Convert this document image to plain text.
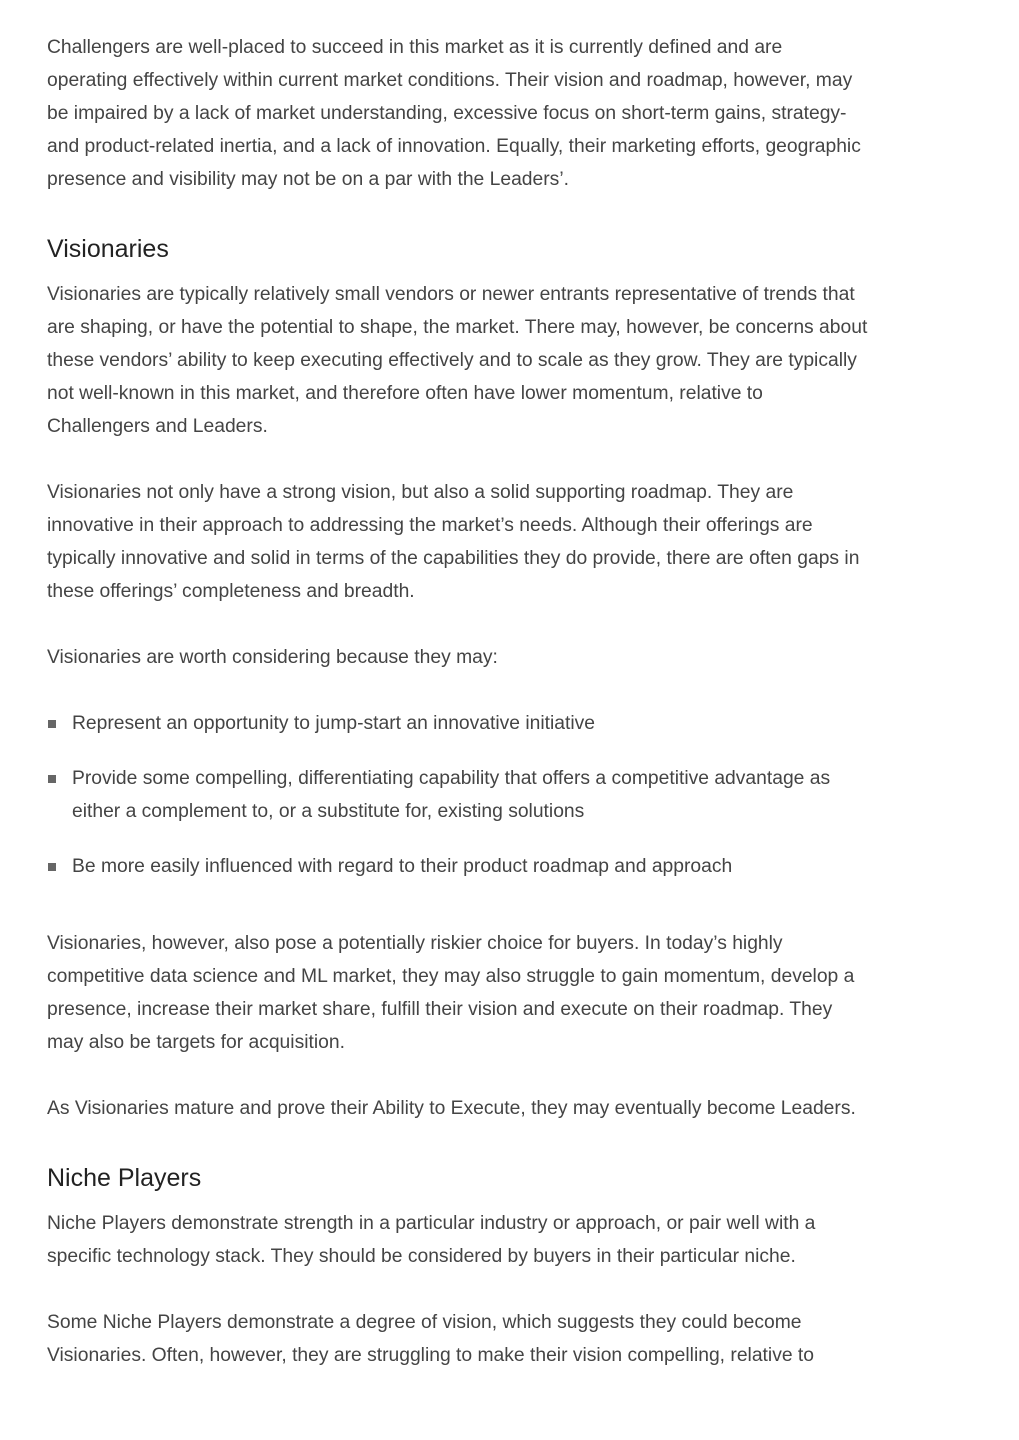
Challengers are well-placed to succeed in this market as it is currently defined and are
operating effectively within current market conditions. Their vision and roadmap, however, may
be impaired by a lack of market understanding, excessive focus on short-term gains, strategy-
and product-related inertia, and a lack of innovation. Equally, their marketing efforts, geographic
presence and visibility may not be on a par with the Leaders’.

Visionaries

Visionaries are typically relatively small vendors or newer entrants representative of trends that
are shaping, or have the potential to shape, the market. There may, however, be concerns about
these vendors’ ability to keep executing effectively and to scale as they grow. They are typically
not well-known in this market, and therefore often have lower momentum, relative to
Challengers and Leaders.

Visionaries not only have a strong vision, but also a solid supporting roadmap. They are
innovative in their approach to addressing the market’s needs. Although their offerings are
typically innovative and solid in terms of the capabilities they do provide, there are often gaps in
these offerings’ completeness and breadth.

Visionaries are worth considering because they may:

Represent an opportunity to jump-start an innovative initiative
Provide some compelling, differentiating capability that offers a competitive advantage as
either a complement to, or a substitute for, existing solutions
Be more easily influenced with regard to their product roadmap and approach

Visionaries, however, also pose a potentially riskier choice for buyers. In today’s highly
competitive data science and ML market, they may also struggle to gain momentum, develop a
presence, increase their market share, fulfill their vision and execute on their roadmap. They
may also be targets for acquisition.

As Visionaries mature and prove their Ability to Execute, they may eventually become Leaders.

Niche Players

Niche Players demonstrate strength in a particular industry or approach, or pair well with a
specific technology stack. They should be considered by buyers in their particular niche.

Some Niche Players demonstrate a degree of vision, which suggests they could become
Visionaries. Often, however, they are struggling to make their vision compelling, relative to
